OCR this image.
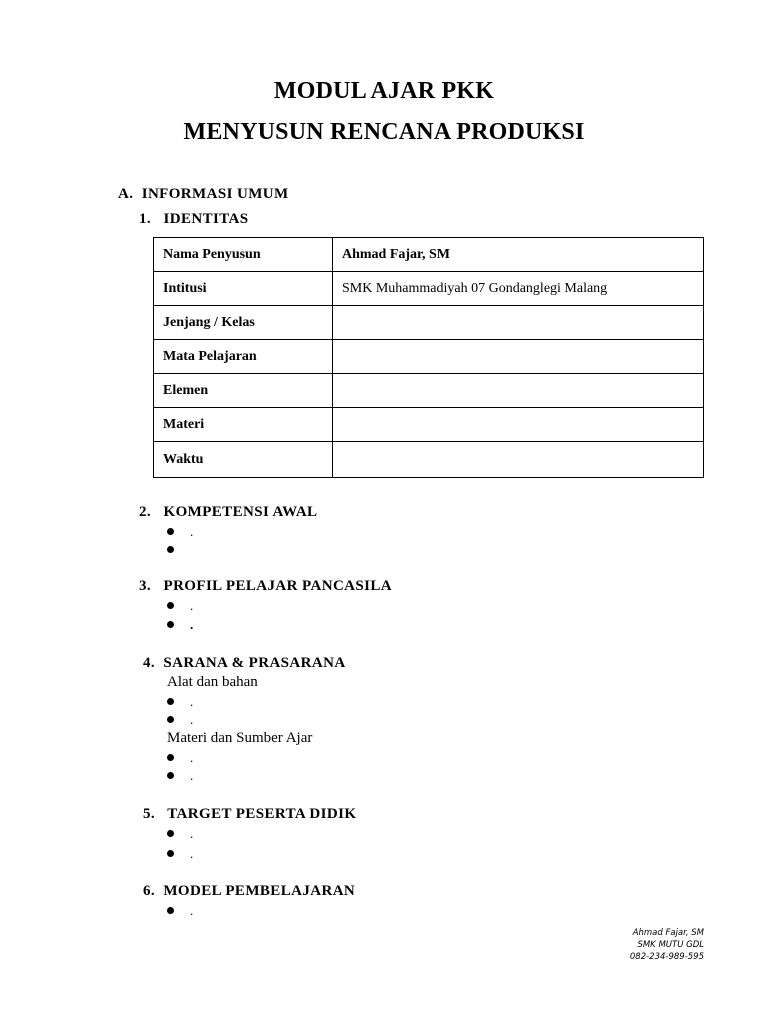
MODUL AJAR PKK
MENYUSUN RENCANA PRODUKSI
A. INFORMASI UMUM
1. IDENTITAS
Nama Penyusun	Ahmad Fajar, SM
Intitusi	SMK Muhammadiyah 07 Gondanglegi Malang
Jenjang / Kelas	
Mata Pelajaran	
Elemen	
Materi	
Waktu	
2. KOMPETENSI AWAL
.
3. PROFIL PELAJAR PANCASILA
.
.
4. SARANA & PRASARANA
Alat dan bahan
.
.
Materi dan Sumber Ajar
.
.
5. TARGET PESERTA DIDIK
.
.
6. MODEL PEMBELAJARAN
.
Ahmad Fajar, SM
SMK MUTU GDL
082-234-989-595
